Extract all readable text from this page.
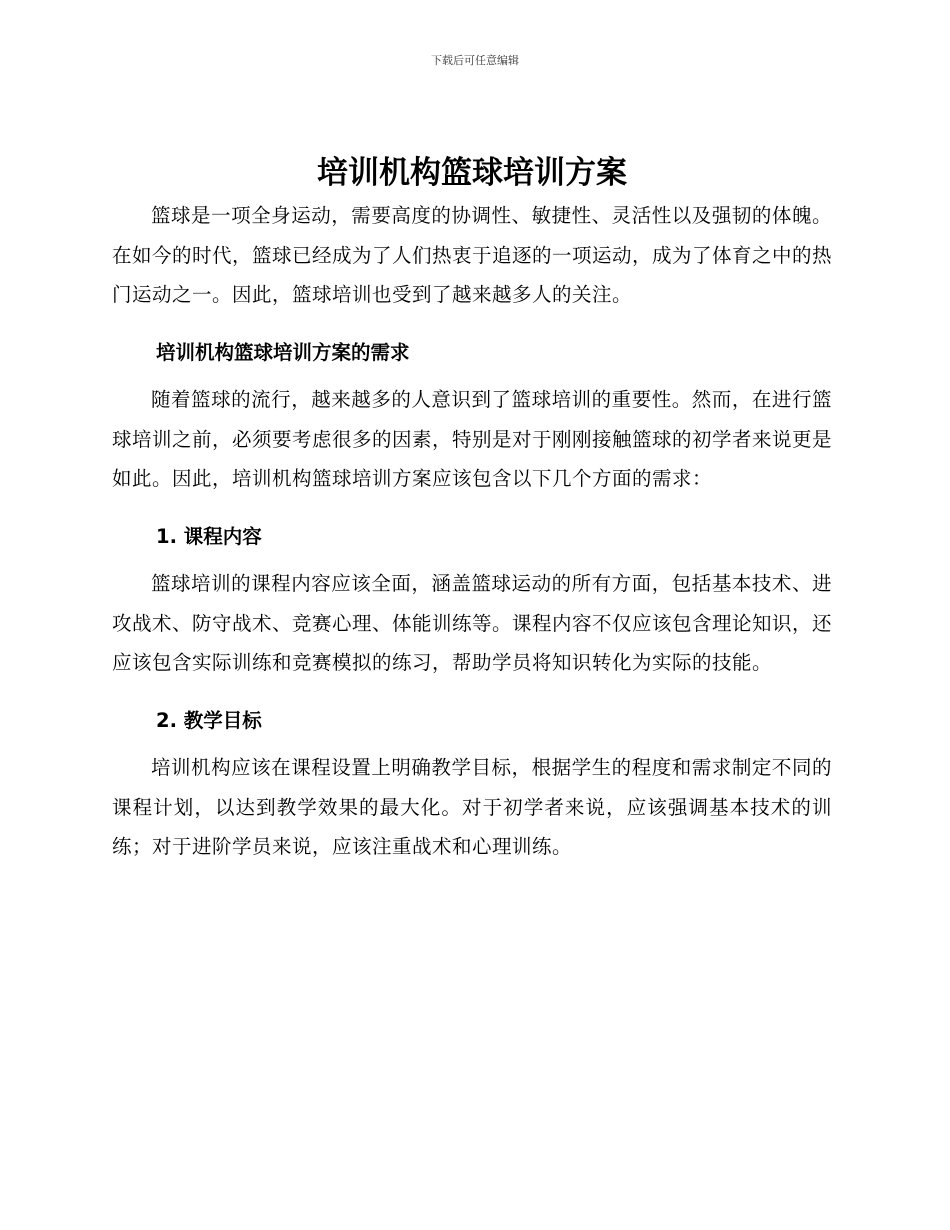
下载后可任意编辑
培训机构篮球培训方案

篮球是一项全身运动，需要高度的协调性、敏捷性、灵活性以及强韧的体魄。在如今的时代，篮球已经成为了人们热衷于追逐的一项运动，成为了体育之中的热门运动之一。因此，篮球培训也受到了越来越多人的关注。

培训机构篮球培训方案的需求

随着篮球的流行，越来越多的人意识到了篮球培训的重要性。然而，在进行篮球培训之前，必须要考虑很多的因素，特别是对于刚刚接触篮球的初学者来说更是如此。因此，培训机构篮球培训方案应该包含以下几个方面的需求：

1. 课程内容

篮球培训的课程内容应该全面，涵盖篮球运动的所有方面，包括基本技术、进攻战术、防守战术、竞赛心理、体能训练等。课程内容不仅应该包含理论知识，还应该包含实际训练和竞赛模拟的练习，帮助学员将知识转化为实际的技能。

2. 教学目标

培训机构应该在课程设置上明确教学目标，根据学生的程度和需求制定不同的课程计划，以达到教学效果的最大化。对于初学者来说，应该强调基本技术的训练；对于进阶学员来说，应该注重战术和心理训练。
